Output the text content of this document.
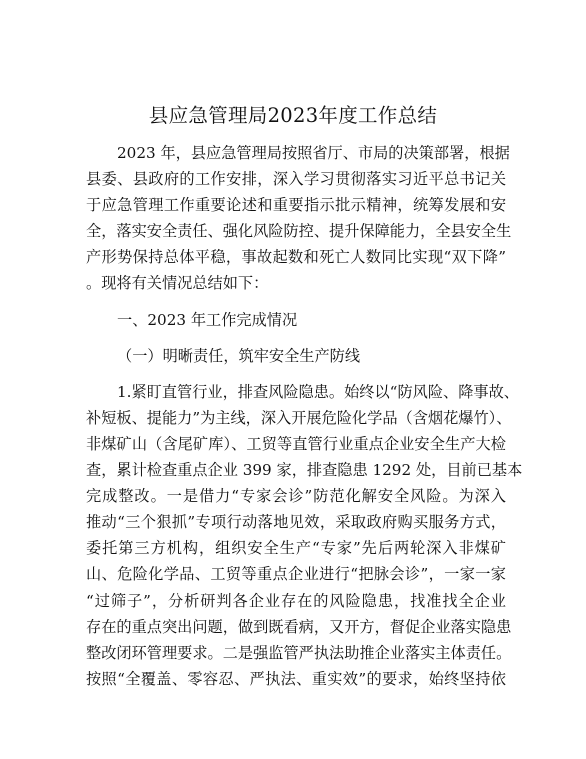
县应急管理局2023年度工作总结
2023 年，县应急管理局按照省厅、市局的决策部署，根据
县委、县政府的工作安排，深入学习贯彻落实习近平总书记关
于应急管理工作重要论述和重要指示批示精神，统筹发展和安
全，落实安全责任、强化风险防控、提升保障能力，全县安全生
产形势保持总体平稳，事故起数和死亡人数同比实现“双下降”
。现将有关情况总结如下：
一、2023 年工作完成情况
（一）明晰责任，筑牢安全生产防线
1.紧盯直管行业，排查风险隐患。始终以“防风险、降事故、
补短板、提能力”为主线，深入开展危险化学品（含烟花爆竹）、
非煤矿山（含尾矿库）、工贸等直管行业重点企业安全生产大检
查，累计检查重点企业 399 家，排查隐患 1292 处，目前已基本
完成整改。一是借力“专家会诊”防范化解安全风险。为深入
推动“三个狠抓”专项行动落地见效，采取政府购买服务方式，
委托第三方机构，组织安全生产“专家”先后两轮深入非煤矿
山、危险化学品、工贸等重点企业进行“把脉会诊”，一家一家
“过筛子”，分析研判各企业存在的风险隐患，找准找全企业
存在的重点突出问题，做到既看病，又开方，督促企业落实隐患
整改闭环管理要求。二是强监管严执法助推企业落实主体责任。
按照“全覆盖、零容忍、严执法、重实效”的要求，始终坚持依
